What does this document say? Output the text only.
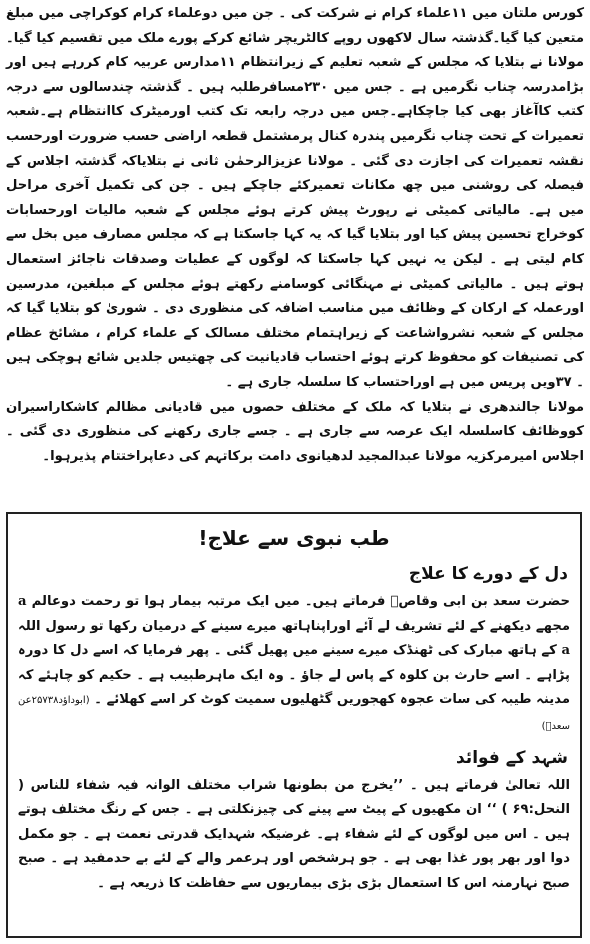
کورس ملتان میں ۱۱علماء کرام نے شرکت کی ۔ جن میں دوعلماء کرام کوکراچی میں مبلغ متعین کیا گیا۔گذشتہ سال لاکھوں روپے کالٹریچر شائع کرکے پورے ملک میں تقسیم کیا گیا۔مولانا نے بتلایا کہ مجلس کے شعبہ تعلیم کے زیرانتظام ۱۱مدارس عربیہ کام کررہے ہیں اور بڑامدرسہ چناب نگرمیں ہے ۔ جس میں ۲۳۰مسافرطلبہ ہیں ۔ گذشتہ چندسالوں سے درجہ کتب کاآغاز بھی کیا جاچکاہے۔جس میں درجہ رابعہ تک کتب اورمیٹرک کاانتظام ہے۔شعبہ تعمیرات کے تحت چناب نگرمیں پندرہ کنال پرمشتمل قطعہ اراضی حسب ضرورت اورحسب نقشہ تعمیرات کی اجازت دی گئی ۔ مولانا عزیزالرحمٰن ثانی نے بتلایاکہ گذشتہ اجلاس کے فیصلہ کی روشنی میں چھ مکانات تعمیرکئے جاچکے ہیں ۔ جن کی تکمیل آخری مراحل میں ہے۔ مالیاتی کمیٹی نے رپورٹ پیش کرتے ہوئے مجلس کے شعبہ مالیات اورحسابات کوخراج تحسین پیش کیا اور بتلایا گیا کہ یہ کہا جاسکتا ہے کہ مجلس مصارف میں بخل سے کام لیتی ہے ۔ لیکن یہ نہیں کہا جاسکتا کہ لوگوں کے عطیات وصدقات ناجائز استعمال ہوتے ہیں ۔ مالیاتی کمیٹی نے مہنگائی کوسامنے رکھتے ہوئے مجلس کے مبلغین، مدرسین اورعملہ کے ارکان کے وظائف میں مناسب اضافہ کی منظوری دی ۔ شوریٰ کو بتلایا گیا کہ مجلس کے شعبہ نشرواشاعت کے زیراہتمام مختلف مسالک کے علماء کرام ، مشائخ عظام کی تصنیفات کو محفوظ کرتے ہوئے احتساب قادیانیت کی چھتیس جلدیں شائع ہوچکی ہیں ۔ ۳۷ویں پریس میں ہے اوراحتساب کا سلسلہ جاری ہے ۔

مولانا جالندھری نے بتلایا کہ ملک کے مختلف حصوں میں قادیانی مظالم کاشکاراسیران کووظائف کاسلسلہ ایک عرصہ سے جاری ہے ۔ جسے جاری رکھنے کی منظوری دی گئی ۔ اجلاس امیرمرکزیہ مولانا عبدالمجید لدھیانوی دامت برکاتہم کی دعاپراختتام پذیرہوا۔

طب نبوی سے علاج!
دل کے دورے کا علاج

حضرت سعد بن ابی وقاصؓ فرماتے ہیں۔ میں ایک مرتبہ بیمار ہوا تو رحمت دوعالم a مجھے دیکھنے کے لئے تشریف لے آئے اوراپناہاتھ میرے سینے کے درمیان رکھا تو رسول اللہ a کے ہاتھ مبارک کی ٹھنڈک میرے سینے میں پھیل گئی ۔ پھر فرمایا کہ اسے دل کا دورہ پڑاہے ۔ اسے حارث بن کلوہ کے پاس لے جاؤ ۔ وہ ایک ماہرطبیب ہے ۔ حکیم کو چاہئے کہ مدینہ طیبہ کی سات عجوہ کھجوریں گٹھلیوں سمیت کوٹ کر اسے کھلائے ۔ (ابوداؤد۲۵۷۳۸عن سعدؓ)

شہد کے فوائد

اللہ تعالیٰ فرماتے ہیں ۔ ’’یخرج من بطونھا شراب مختلف الوانہ فیہ شفاء للناس ( النحل:۶۹ ) ‘‘ ان مکھیوں کے پیٹ سے پینے کی چیزنکلتی ہے ۔ جس کے رنگ مختلف ہوتے ہیں ۔ اس میں لوگوں کے لئے شفاء ہے۔ غرضیکہ شہدایک قدرتی نعمت ہے ۔ جو مکمل دوا اور بھر پور غذا بھی ہے ۔ جو ہرشخص اور ہرعمر والے کے لئے بے حدمفید ہے ۔ صبح صبح نہارمنہ اس کا استعمال بڑی بڑی بیماریوں سے حفاظت کا ذریعہ ہے ۔
